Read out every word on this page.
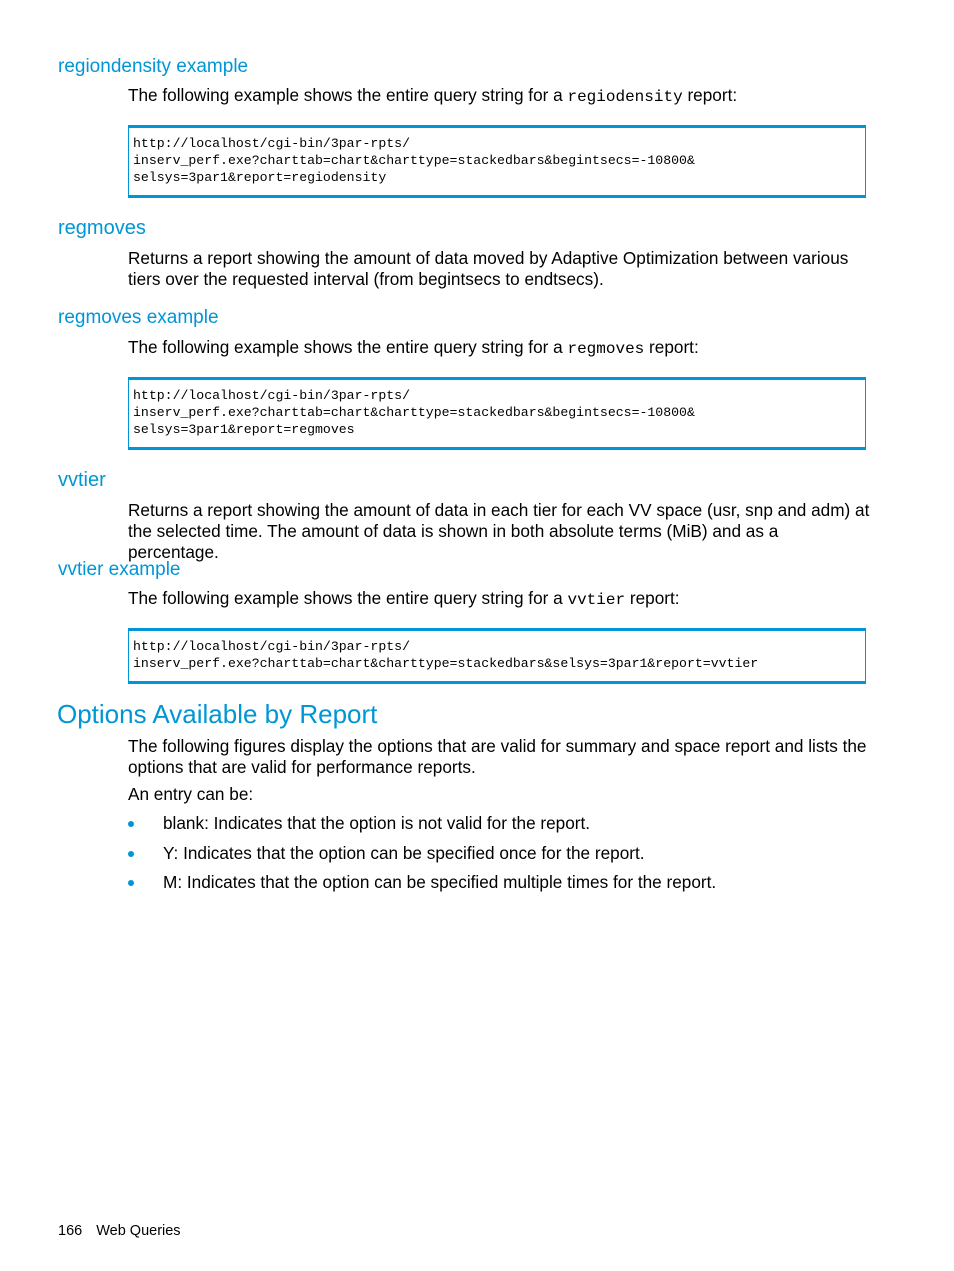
regiondensity example

The following example shows the entire query string for a regiodensity report:

http://localhost/cgi-bin/3par-rpts/
inserv_perf.exe?charttab=chart&charttype=stackedbars&begintsecs=-10800&
selsys=3par1&report=regiodensity
regmoves

Returns a report showing the amount of data moved by Adaptive Optimization between various tiers over the requested interval (from begintsecs to endtsecs).

regmoves example

The following example shows the entire query string for a regmoves report:

http://localhost/cgi-bin/3par-rpts/
inserv_perf.exe?charttab=chart&charttype=stackedbars&begintsecs=-10800&
selsys=3par1&report=regmoves
vvtier

Returns a report showing the amount of data in each tier for each VV space (usr, snp and adm) at the selected time. The amount of data is shown in both absolute terms (MiB) and as a percentage.

vvtier example

The following example shows the entire query string for a vvtier report:

http://localhost/cgi-bin/3par-rpts/
inserv_perf.exe?charttab=chart&charttype=stackedbars&selsys=3par1&report=vvtier
Options Available by Report

The following figures display the options that are valid for summary and space report and lists the options that are valid for performance reports.

An entry can be:

blank: Indicates that the option is not valid for the report.
Y: Indicates that the option can be specified once for the report.
M: Indicates that the option can be specified multiple times for the report.
166 Web Queries
